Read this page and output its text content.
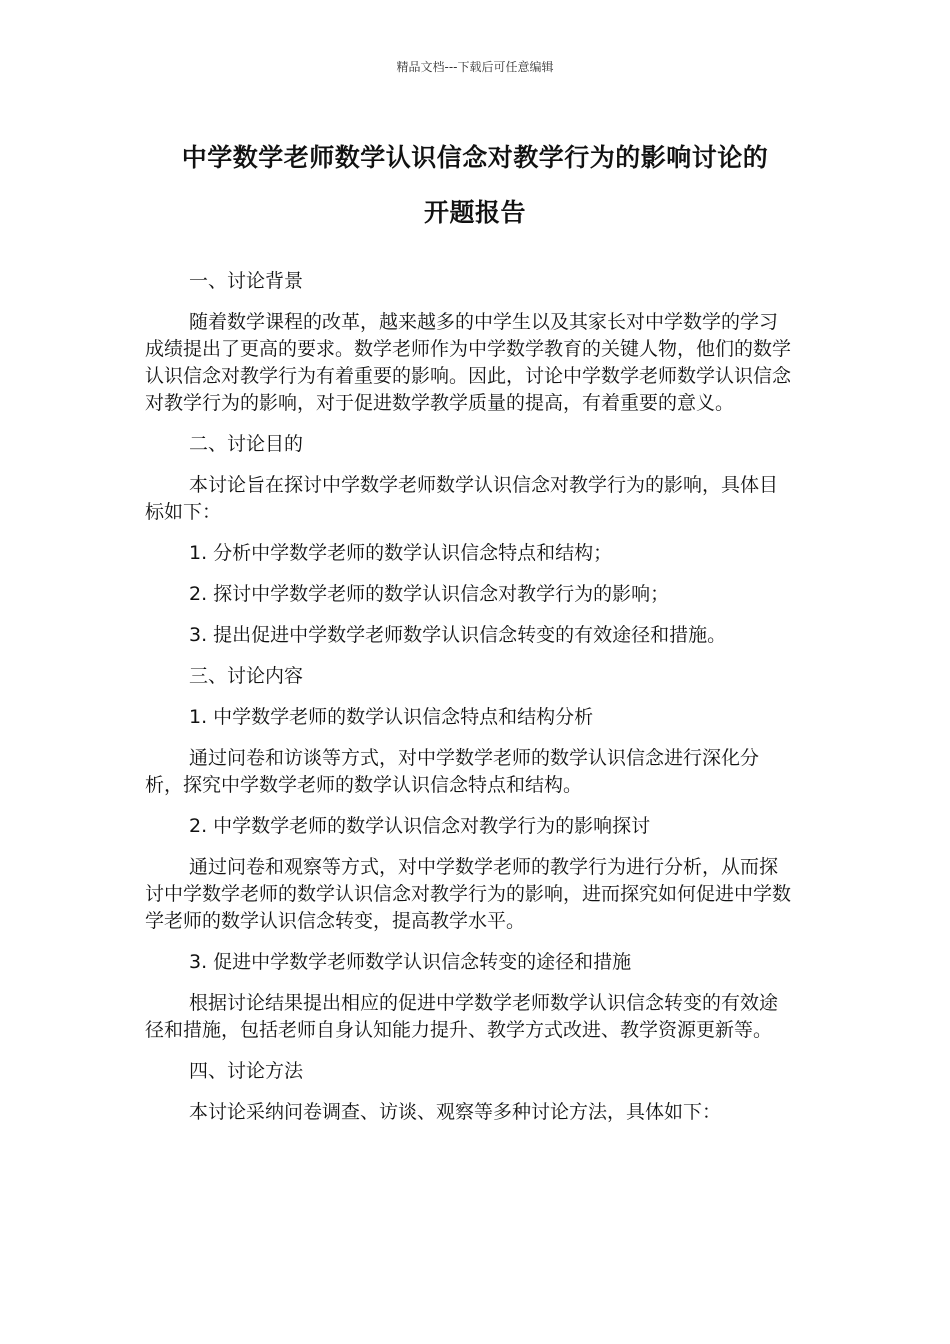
精品文档---下载后可任意编辑
中学数学老师数学认识信念对教学行为的影响讨论的
开题报告

一、讨论背景

随着数学课程的改革，越来越多的中学生以及其家长对中学数学的学习成绩提出了更高的要求。数学老师作为中学数学教育的关键人物，他们的数学认识信念对教学行为有着重要的影响。因此，讨论中学数学老师数学认识信念对教学行为的影响，对于促进数学教学质量的提高，有着重要的意义。

二、讨论目的

本讨论旨在探讨中学数学老师数学认识信念对教学行为的影响，具体目标如下：

1. 分析中学数学老师的数学认识信念特点和结构；

2. 探讨中学数学老师的数学认识信念对教学行为的影响；

3. 提出促进中学数学老师数学认识信念转变的有效途径和措施。

三、讨论内容

1. 中学数学老师的数学认识信念特点和结构分析

通过问卷和访谈等方式，对中学数学老师的数学认识信念进行深化分析，探究中学数学老师的数学认识信念特点和结构。

2. 中学数学老师的数学认识信念对教学行为的影响探讨

通过问卷和观察等方式，对中学数学老师的教学行为进行分析，从而探讨中学数学老师的数学认识信念对教学行为的影响，进而探究如何促进中学数学老师的数学认识信念转变，提高教学水平。

3. 促进中学数学老师数学认识信念转变的途径和措施

根据讨论结果提出相应的促进中学数学老师数学认识信念转变的有效途径和措施，包括老师自身认知能力提升、教学方式改进、教学资源更新等。

四、讨论方法

本讨论采纳问卷调查、访谈、观察等多种讨论方法，具体如下：
